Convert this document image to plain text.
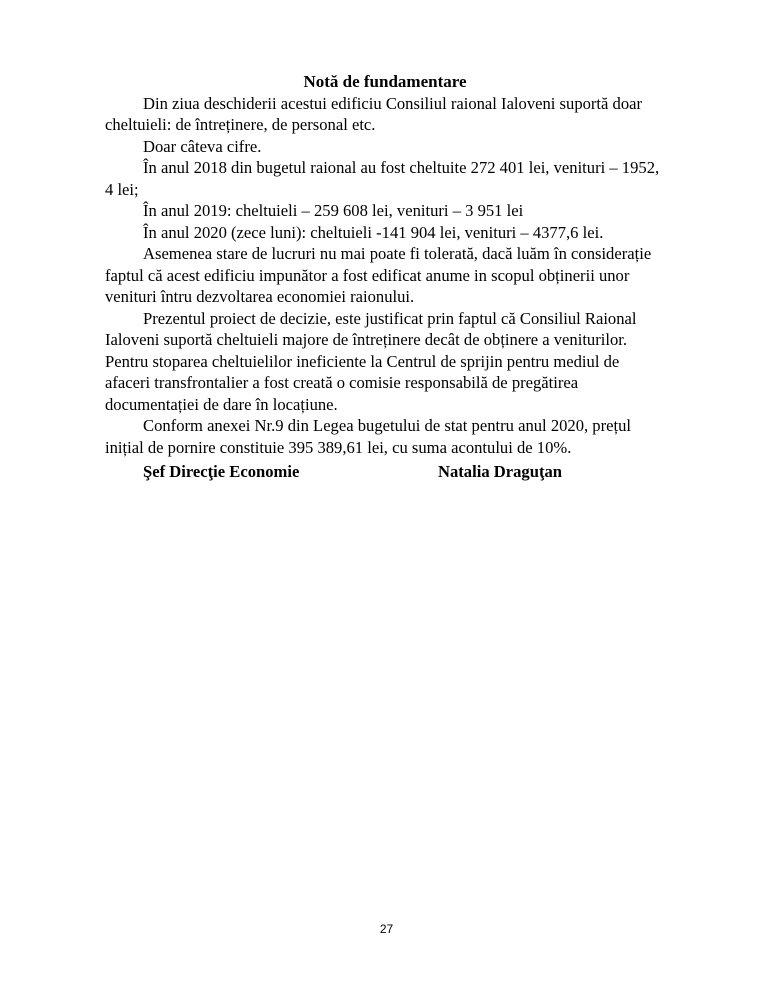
Notă de fundamentare

Din ziua deschiderii acestui edificiu Consiliul raional Ialoveni suportă doar cheltuieli: de întreținere, de personal etc.

Doar câteva cifre.

În anul 2018 din bugetul raional au fost cheltuite 272 401 lei, venituri – 1952, 4 lei;

În anul 2019: cheltuieli – 259 608 lei, venituri – 3 951 lei

În anul 2020 (zece luni): cheltuieli -141 904 lei, venituri – 4377,6 lei.

Asemenea stare de lucruri nu mai poate fi tolerată, dacă luăm în considerație faptul că acest edificiu impunător a fost edificat anume in scopul obținerii unor venituri întru dezvoltarea economiei raionului.

Prezentul proiect de decizie, este justificat prin faptul că Consiliul Raional Ialoveni suportă cheltuieli majore de întreținere decât de obținere a veniturilor. Pentru stoparea cheltuielilor ineficiente la Centrul de sprijin pentru mediul de afaceri transfrontalier a fost creată o comisie responsabilă de pregătirea documentației de dare în locațiune.

Conform anexei Nr.9 din Legea bugetului de stat pentru anul 2020, prețul inițial de pornire constituie 395 389,61 lei, cu suma acontului de 10%.

Şef Direcţie Economie	Natalia Draguţan
27
